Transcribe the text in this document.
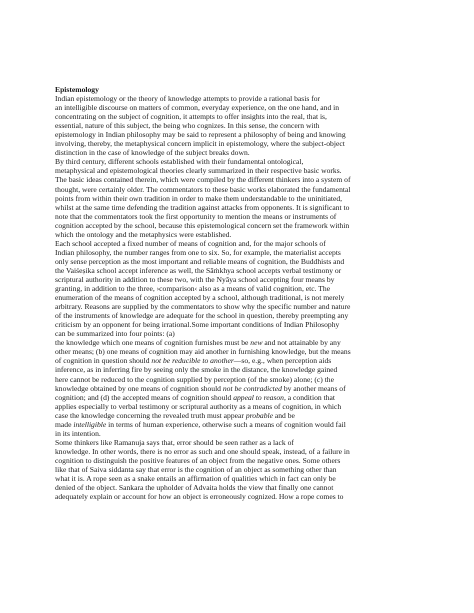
Epistemology
Indian epistemology or the theory of knowledge attempts to provide a rational basis for
an intelligible discourse on matters of common, everyday experience, on the one hand, and in
concentrating on the subject of cognition, it attempts to offer insights into the real, that is,
essential, nature of this subject, the being who cognizes. In this sense, the concern with
epistemology in Indian philosophy may be said to represent a philosophy of being and knowing
involving, thereby, the metaphysical concern implicit in epistemology, where the subject-object
distinction in the case of knowledge of the subject breaks down.
By third century, different schools established with their fundamental ontological,
metaphysical and epistemological theories clearly summarized in their respective basic works.
The basic ideas contained therein, which were compiled by the different thinkers into a system of
thought, were certainly older. The commentators to these basic works elaborated the fundamental
points from within their own tradition in order to make them understandable to the uninitiated,
whilst at the same time defending the tradition against attacks from opponents. It is significant to
note that the commentators took the first opportunity to mention the means or instruments of
cognition accepted by the school, because this epistemological concern set the framework within
which the ontology and the metaphysics were established.
Each school accepted a fixed number of means of cognition and, for the major schools of
Indian philosophy, the number ranges from one to six. So, for example, the materialist accepts
only sense perception as the most important and reliable means of cognition, the Buddhists and
the Vaiśeṣika school accept inference as well, the Sāṁkhya school accepts verbal testimony or
scriptural authority in addition to these two, with the Nyāya school accepting four means by
granting, in addition to the three, ›comparison‹ also as a means of valid cognition, etc. The
enumeration of the means of cognition accepted by a school, although traditional, is not merely
arbitrary. Reasons are supplied by the commentators to show why the specific number and nature
of the instruments of knowledge are adequate for the school in question, thereby preempting any
criticism by an opponent for being irrational.Some important conditions of Indian Philosophy
can be summarized into four points: (a)
the knowledge which one means of cognition furnishes must be new and not attainable by any
other means; (b) one means of cognition may aid another in furnishing knowledge, but the means
of cognition in question should not be reducible to another—so, e.g., when perception aids
inference, as in inferring fire by seeing only the smoke in the distance, the knowledge gained
here cannot be reduced to the cognition supplied by perception (of the smoke) alone; (c) the
knowledge obtained by one means of cognition should not be contradicted by another means of
cognition; and (d) the accepted means of cognition should appeal to reason, a condition that
applies especially to verbal testimony or scriptural authority as a means of cognition, in which
case the knowledge concerning the revealed truth must appear probable and be
made intelligible in terms of human experience, otherwise such a means of cognition would fail
in its intention.
Some thinkers like Ramanuja says that, error should be seen rather as a lack of
knowledge. In other words, there is no error as such and one should speak, instead, of a failure in
cognition to distinguish the positive features of an object from the negative ones. Some others
like that of Saiva siddanta say that error is the cognition of an object as something other than
what it is. A rope seen as a snake entails an affirmation of qualities which in fact can only be
denied of the object. Sankara the upholder of Advaita holds the view that finally one cannot
adequately explain or account for how an object is erroneously cognized. How a rope comes to
